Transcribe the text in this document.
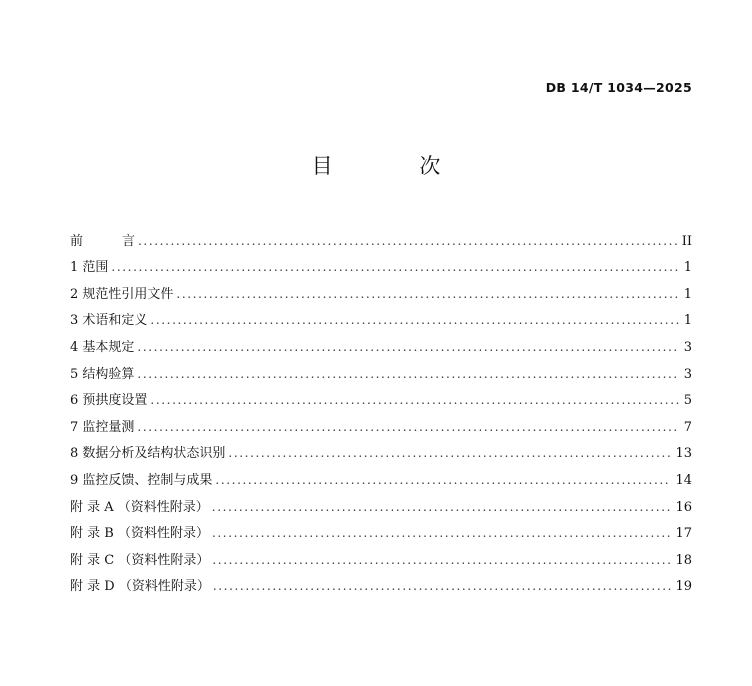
DB 14/T 1034—2025
目 次
前　　　言 .....	II
1 范围 .....	1
2 规范性引用文件 .....	1
3 术语和定义 .....	1
4 基本规定 .....	3
5 结构验算 .....	3
6 预拱度设置 .....	5
7 监控量测 .....	7
8 数据分析及结构状态识别 .....	13
9 监控反馈、控制与成果 .....	14
附 录 A （资料性附录） .....	16
附 录 B （资料性附录） .....	17
附 录 C （资料性附录） .....	18
附 录 D （资料性附录） .....	19
